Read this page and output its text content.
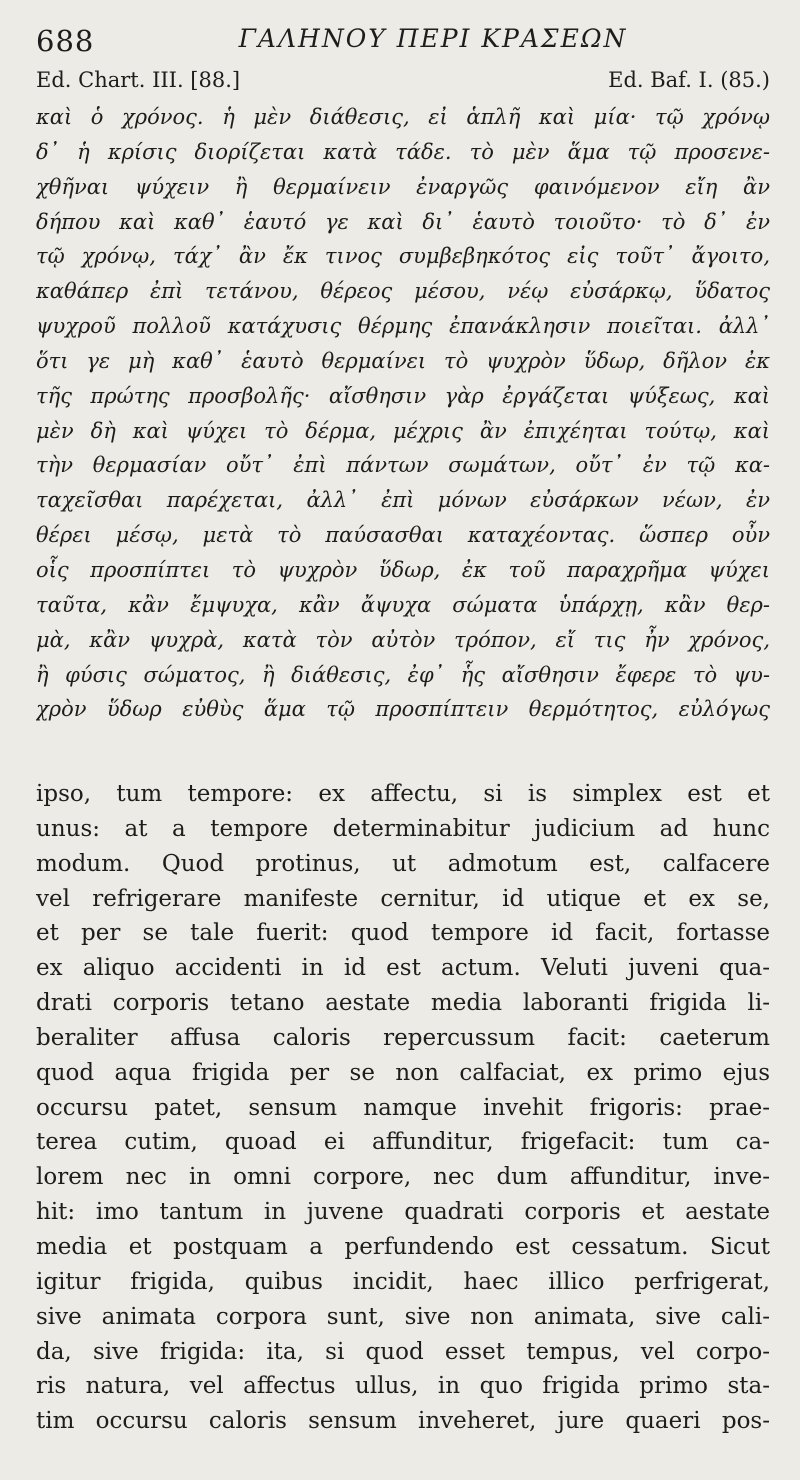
688	ΓΑΛΗΝΟΥ ΠΕΡΙ ΚΡΑΣΕΩΝ
Ed. Chart. III. [88.]	Ed. Baf. I. (85.)
καὶ ὁ χρόνος. ἡ μὲν διάθεσις, εἰ ἁπλῆ καὶ μία· τῷ χρόνῳ
δ᾽ ἡ κρίσις διορίζεται κατὰ τάδε. τὸ μὲν ἅμα τῷ προσενε-
χθῆναι ψύχειν ἢ θερμαίνειν ἐναργῶς φαινόμενον εἴη ἂν
δήπου καὶ καθ᾽ ἑαυτό γε καὶ δι᾽ ἑαυτὸ τοιοῦτο· τὸ δ᾽ ἐν
τῷ χρόνῳ, τάχ᾽ ἂν ἔκ τινος συμβεβηκότος εἰς τοῦτ᾽ ἄγοιτο,
καθάπερ ἐπὶ τετάνου, θέρεος μέσου, νέῳ εὐσάρκῳ, ὕδατος
ψυχροῦ πολλοῦ κατάχυσις θέρμης ἐπανάκλησιν ποιεῖται. ἀλλ᾽
ὅτι γε μὴ καθ᾽ ἑαυτὸ θερμαίνει τὸ ψυχρὸν ὕδωρ, δῆλον ἐκ
τῆς πρώτης προσβολῆς· αἴσθησιν γὰρ ἐργάζεται ψύξεως, καὶ
μὲν δὴ καὶ ψύχει τὸ δέρμα, μέχρις ἂν ἐπιχέηται τούτῳ, καὶ
τὴν θερμασίαν οὔτ᾽ ἐπὶ πάντων σωμάτων, οὔτ᾽ ἐν τῷ κα-
ταχεῖσθαι παρέχεται, ἀλλ᾽ ἐπὶ μόνων εὐσάρκων νέων, ἐν
θέρει μέσῳ, μετὰ τὸ παύσασθαι καταχέοντας. ὥσπερ οὖν
οἷς προσπίπτει τὸ ψυχρὸν ὕδωρ, ἐκ τοῦ παραχρῆμα ψύχει
ταῦτα, κἂν ἔμψυχα, κἂν ἄψυχα σώματα ὑπάρχῃ, κἂν θερ-
μὰ, κἂν ψυχρὰ, κατὰ τὸν αὐτὸν τρόπον, εἴ τις ἦν χρόνος,
ἢ φύσις σώματος, ἢ διάθεσις, ἐφ᾽ ἧς αἴσθησιν ἔφερε τὸ ψυ-
χρὸν ὕδωρ εὐθὺς ἅμα τῷ προσπίπτειν θερμότητος, εὐλόγως
ipso, tum tempore: ex affectu, si is simplex est et
unus: at a tempore determinabitur judicium ad hunc
modum. Quod protinus, ut admotum est, calfacere
vel refrigerare manifeste cernitur, id utique et ex se,
et per se tale fuerit: quod tempore id facit, fortasse
ex aliquo accidenti in id est actum. Veluti juveni qua-
drati corporis tetano aestate media laboranti frigida li-
beraliter affusa caloris repercussum facit: caeterum
quod aqua frigida per se non calfaciat, ex primo ejus
occursu patet, sensum namque invehit frigoris: prae-
terea cutim, quoad ei affunditur, frigefacit: tum ca-
lorem nec in omni corpore, nec dum affunditur, inve-
hit: imo tantum in juvene quadrati corporis et aestate
media et postquam a perfundendo est cessatum. Sicut
igitur frigida, quibus incidit, haec illico perfrigerat,
sive animata corpora sunt, sive non animata, sive cali-
da, sive frigida: ita, si quod esset tempus, vel corpo-
ris natura, vel affectus ullus, in quo frigida primo sta-
tim occursu caloris sensum inveheret, jure quaeri pos-
